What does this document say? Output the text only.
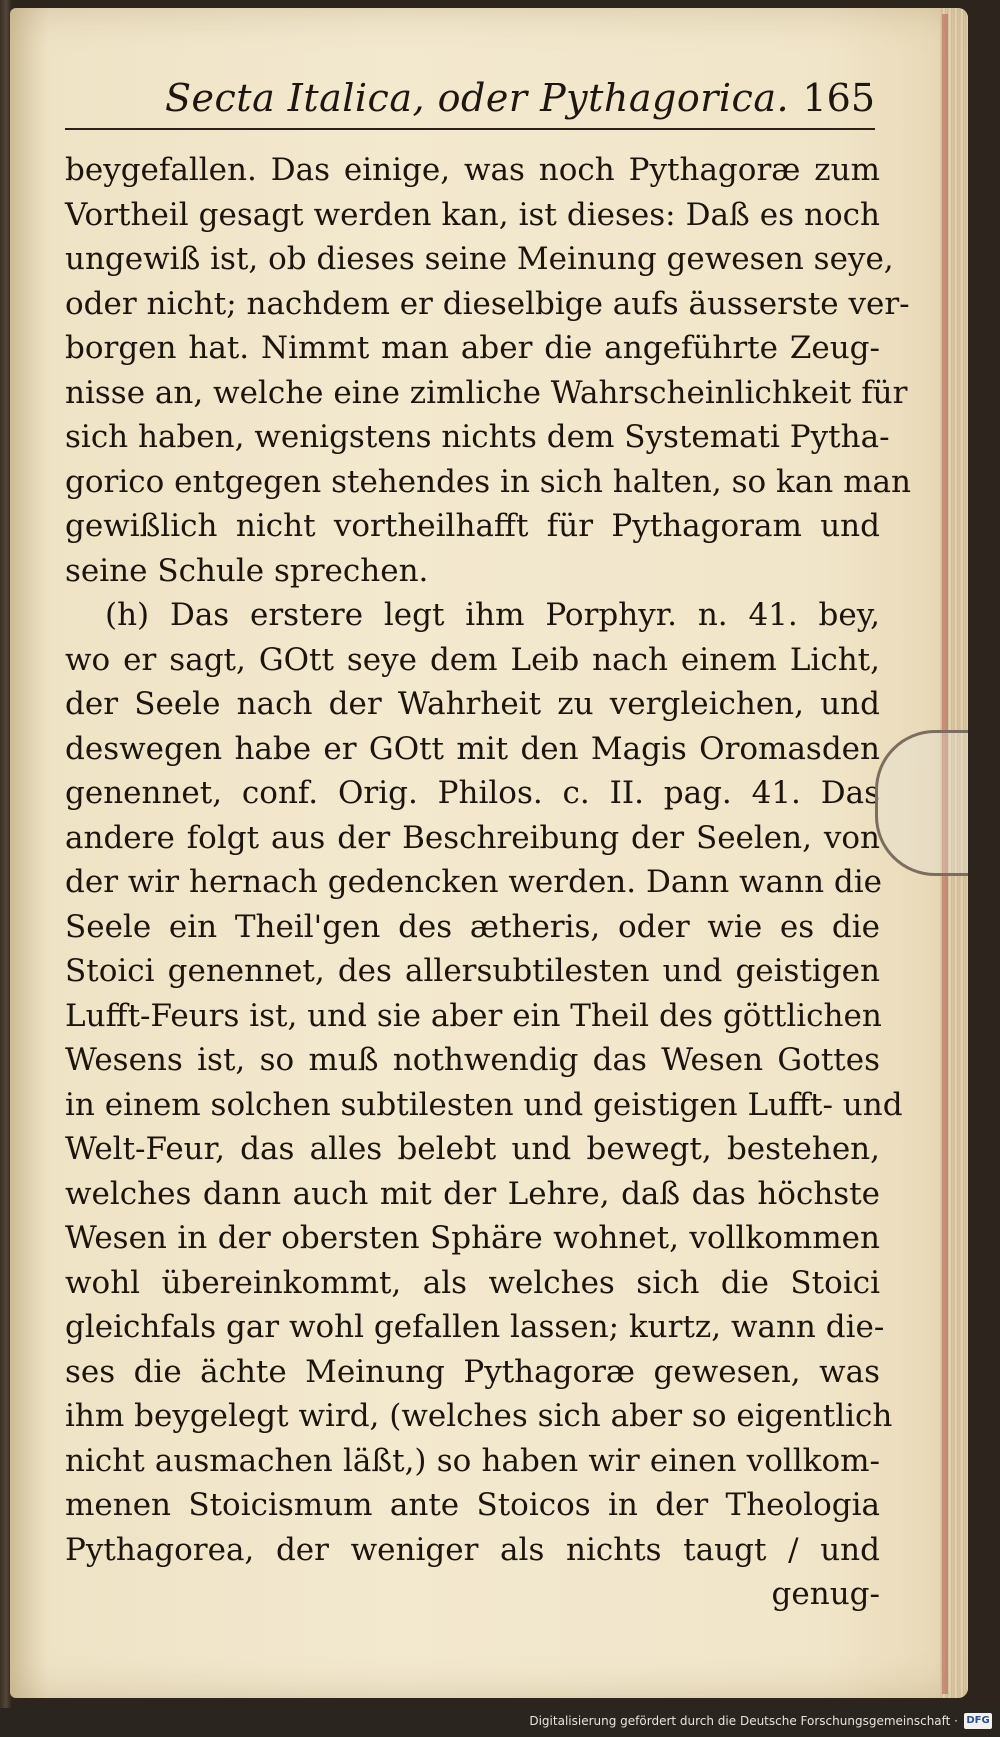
Secta Italica, oder Pythagorica. 165
beygefallen. Das einige, was noch Pythagoræ zum
Vortheil gesagt werden kan, ist dieses: Daß es noch
ungewiß ist, ob dieses seine Meinung gewesen seye,
oder nicht; nachdem er dieselbige aufs äusserste ver-
borgen hat. Nimmt man aber die angeführte Zeug-
nisse an, welche eine zimliche Wahrscheinlichkeit für
sich haben, wenigstens nichts dem Systemati Pytha-
gorico entgegen stehendes in sich halten, so kan man
gewißlich nicht vortheilhafft für Pythagoram und
seine Schule sprechen.
(h) Das erstere legt ihm Porphyr. n. 41. bey,
wo er sagt, GOtt seye dem Leib nach einem Licht,
der Seele nach der Wahrheit zu vergleichen, und
deswegen habe er GOtt mit den Magis Oromasden
genennet, conf. Orig. Philos. c. II. pag. 41. Das
andere folgt aus der Beschreibung der Seelen, von
der wir hernach gedencken werden. Dann wann die
Seele ein Theil'gen des ætheris, oder wie es die
Stoici genennet, des allersubtilesten und geistigen
Lufft-Feurs ist, und sie aber ein Theil des göttlichen
Wesens ist, so muß nothwendig das Wesen Gottes
in einem solchen subtilesten und geistigen Lufft- und
Welt-Feur, das alles belebt und bewegt, bestehen,
welches dann auch mit der Lehre, daß das höchste
Wesen in der obersten Sphäre wohnet, vollkommen
wohl übereinkommt, als welches sich die Stoici
gleichfals gar wohl gefallen lassen; kurtz, wann die-
ses die ächte Meinung Pythagoræ gewesen, was
ihm beygelegt wird, (welches sich aber so eigentlich
nicht ausmachen läßt,) so haben wir einen vollkom-
menen Stoicismum ante Stoicos in der Theologia
Pythagorea, der weniger als nichts taugt / und
genug-
Digitalisierung gefördert durch die Deutsche Forschungsgemeinschaft · DFG
